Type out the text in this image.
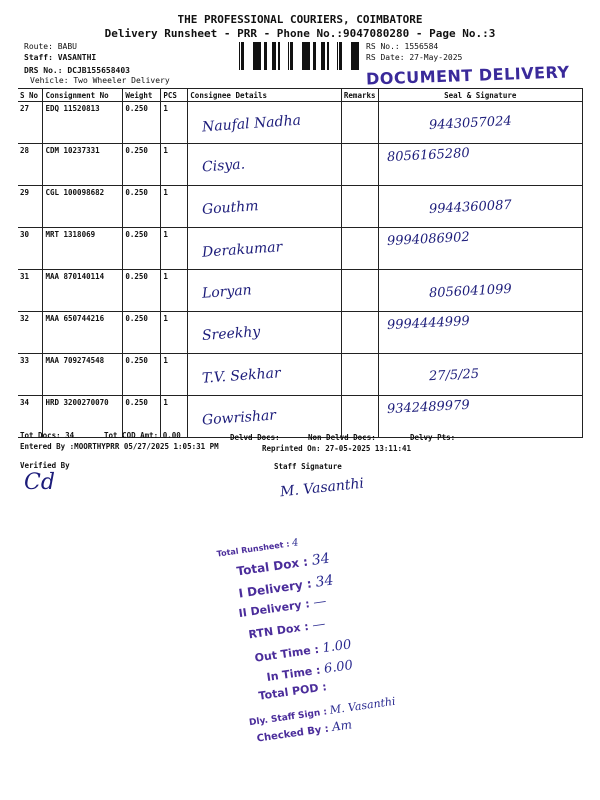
THE PROFESSIONAL COURIERS, COIMBATORE
Delivery Runsheet - PRR - Phone No.:9047080280 - Page No.:3
Route: BABU
Staff: VASANTHI
DRS No.: DCJB155658403
Vehicle: Two Wheeler Delivery
RS No.: 1556584
RS Date: 27-May-2025
DOCUMENT DELIVERY
S No	Consignment No	Weight	PCS	Consignee Details	Remarks	Seal & Signature
27	EDQ 11520813	0.250	1	Naufal Nadha		9443057024

28	CDM 10237331	0.250	1	Cisya.		8056165280

29	CGL 100098682	0.250	1	Gouthm		9944360087

30	MRT 1318069	0.250	1	Derakumar		9994086902

31	MAA 870140114	0.250	1	Loryan		8056041099

32	MAA 650744216	0.250	1	Sreekhy		9994444999

33	MAA 709274548	0.250	1	T.V. Sekhar		27/5/25

34	HRD 3200270070	0.250	1	Gowrishar		9342489979
Tot Docs: 34	Tot COD Amt: 0.00	Delvd Docs:	Non Delvd Docs:	Delvy Pts:
Entered By :MOORTHYPRR 05/27/2025 1:05:31 PM	Reprinted On: 27-05-2025 13:11:41
Verified By	Staff Signature
Cd	M. Vasanthi
Total Runsheet : 4
Total Dox : 34
I Delivery : 34
II Delivery : —
RTN Dox : —
Out Time : 1.00
In Time : 6.00
Total POD :
Dly. Staff Sign : M. Vasanthi
Checked By : Am
